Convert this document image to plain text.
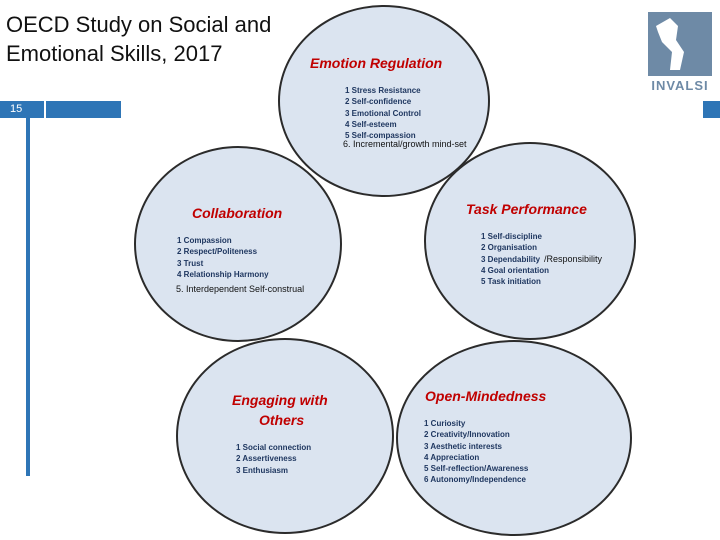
OECD Study on Social and Emotional Skills, 2017
15
INVALSI
Emotion Regulation
1 Stress Resistance
2 Self-confidence
3 Emotional Control
4 Self-esteem
5 Self-compassion
6. Incremental/growth mind-set
Collaboration
1 Compassion
2 Respect/Politeness
3 Trust
4 Relationship Harmony
5. Interdependent Self-construal
Task Performance
1 Self-discipline
2 Organisation
3 Dependability
4 Goal orientation
5 Task initiation
/Responsibility
Engaging with
Others
1 Social connection
2 Assertiveness
3 Enthusiasm
Open-Mindedness
1 Curiosity
2 Creativity/Innovation
3 Aesthetic interests
4 Appreciation
5 Self-reflection/Awareness
6 Autonomy/Independence
